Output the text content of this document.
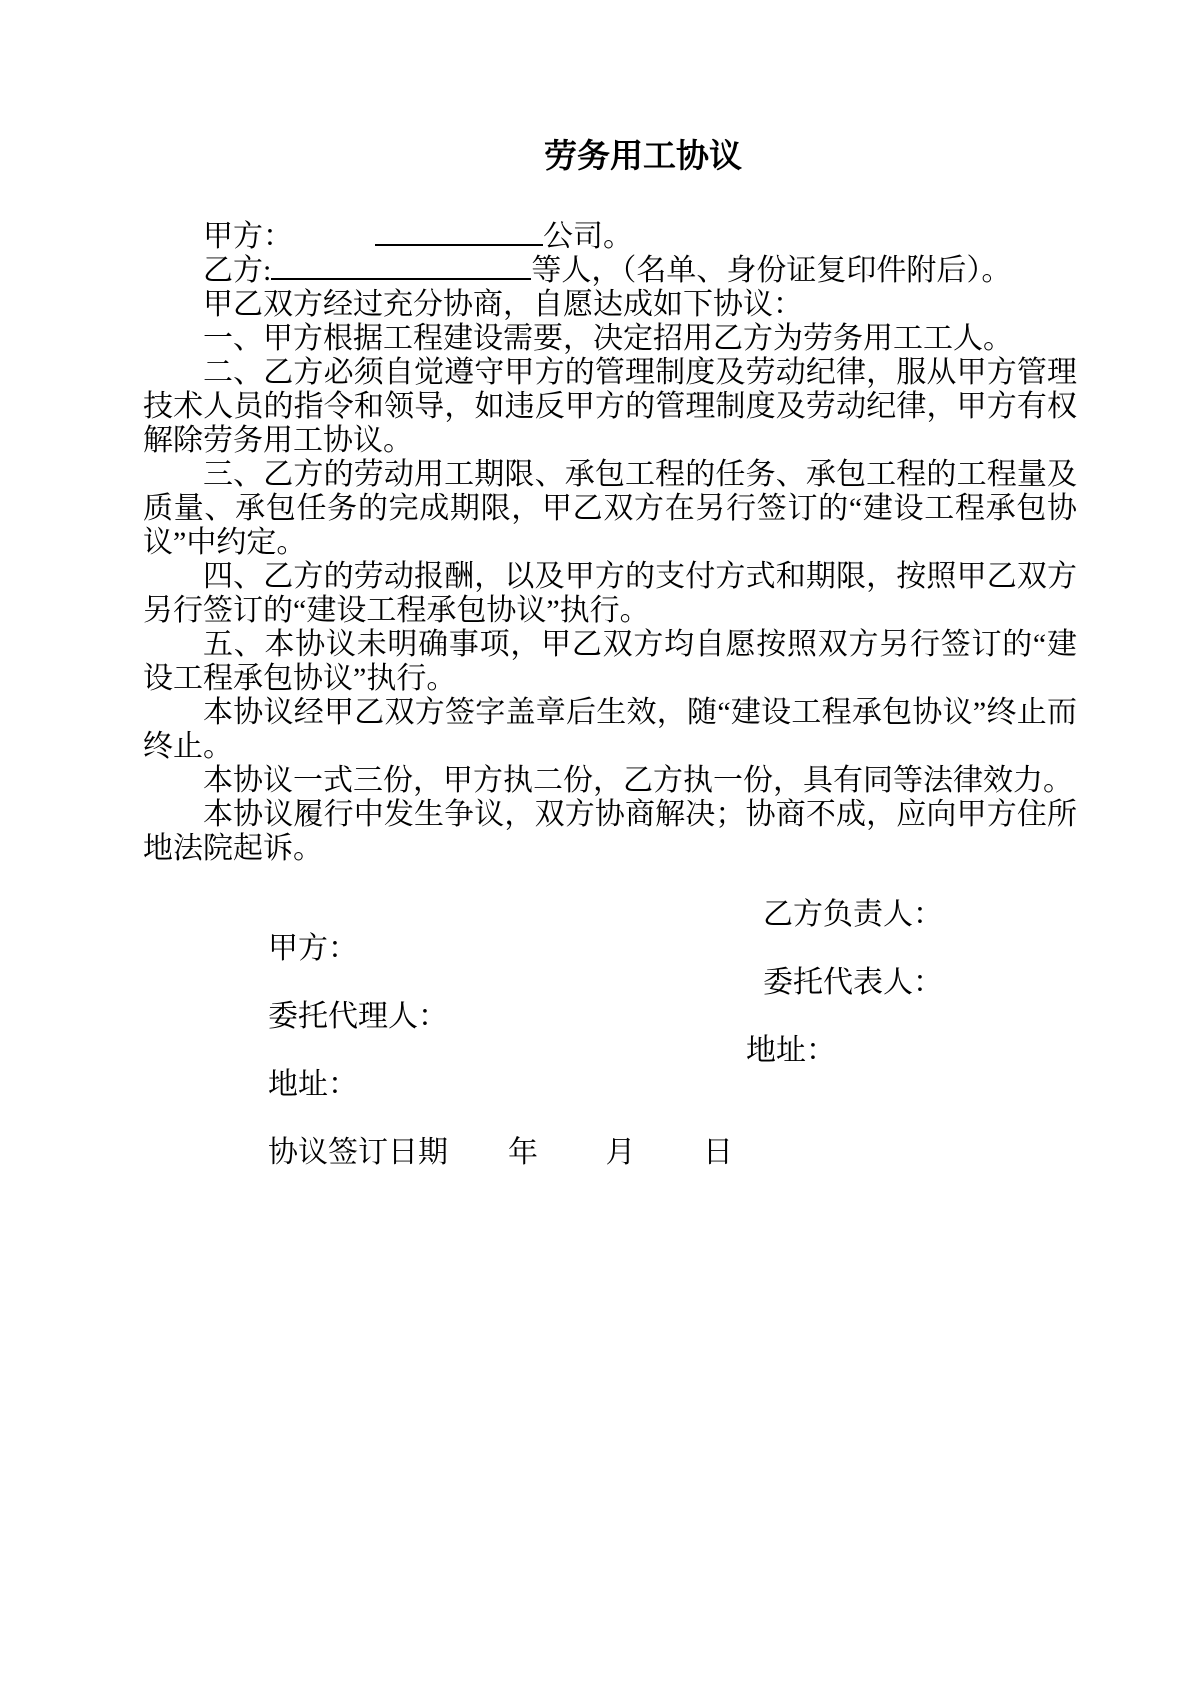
劳务用工协议

甲方：	公司。

乙方:	等人，（名单、身份证复印件附后）。

甲乙双方经过充分协商，自愿达成如下协议：

一、甲方根据工程建设需要，决定招用乙方为劳务用工工人。

二、乙方必须自觉遵守甲方的管理制度及劳动纪律，服从甲方管理技术人员的指令和领导，如违反甲方的管理制度及劳动纪律，甲方有权解除劳务用工协议。

三、乙方的劳动用工期限、承包工程的任务、承包工程的工程量及质量、承包任务的完成期限，甲乙双方在另行签订的“建设工程承包协议”中约定。

四、乙方的劳动报酬，以及甲方的支付方式和期限，按照甲乙双方另行签订的“建设工程承包协议”执行。

五、本协议未明确事项，甲乙双方均自愿按照双方另行签订的“建设工程承包协议”执行。

本协议经甲乙双方签字盖章后生效，随“建设工程承包协议”终止而终止。

本协议一式三份，甲方执二份，乙方执一份，具有同等法律效力。

本协议履行中发生争议，双方协商解决；协商不成，应向甲方住所地法院起诉。

甲方：

乙方负责人：

委托代理人：

委托代表人：

地址：

地址：

协议签订日期　　年　　 月　　 日
